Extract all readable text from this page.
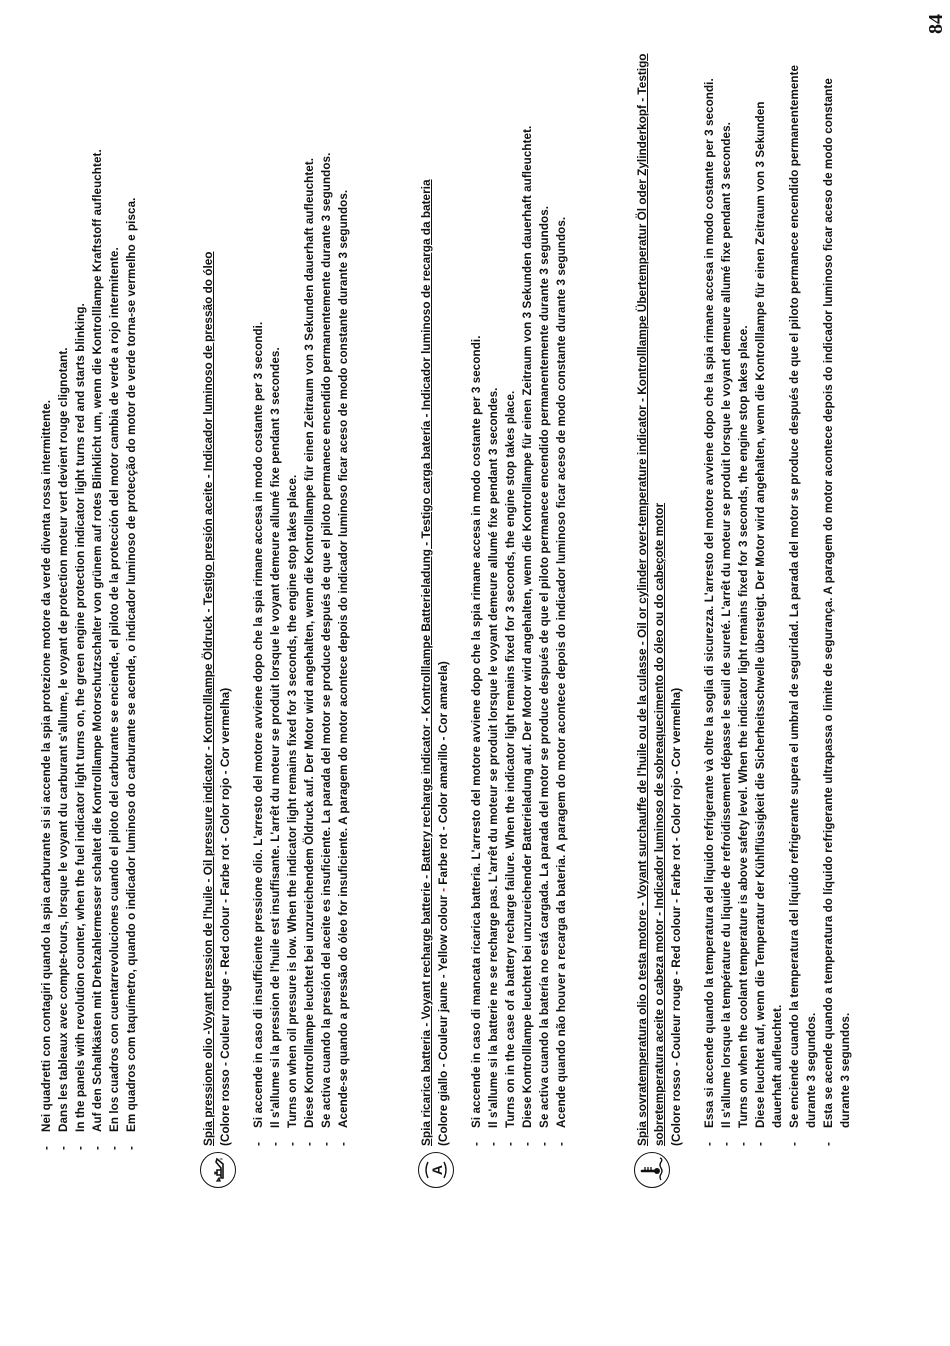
84
- Nei quadretti con contagiri quando la spia carburante si si accende la spia protezione motore da verde diventa rossa intermittente. - Dans les tableaux avec compte-tours, lorsque le voyant du carburant s'allume, le voyant de protection moteur vert devient rouge clignotant. - In the panels with revolution counter, when the fuel indicator light turns on, the green engine protection indicator light turns red and starts blinking. - Auf den Schaltkästen mit Drehzahlermesser schaltet die Kontrolllampe Motorschutzschalter von grünem auf rotes Blinklicht um, wenn die Kontrolllampe Kraftstoff aufleuchtet. - En los cuadros con cuentarrevoluciones cuando el piloto del carburante se enciende, el piloto de la protección del motor cambia de verde a rojo intermitente. - Em quadros com taquímetro, quando o indicador luminoso do carburante se acende, o indicador luminoso de protecção do motor de verde torna-se vermelho e pisca.	Spia pressione olio -Voyant pression de l'huile - Oil pressure indicator - Kontrolllampe Öldruck - Testigo presión aceite - Indicador luminoso de pressão do óleo (Colore rosso - Couleur rouge - Red colour - Farbe rot - Color rojo - Cor vermelha) - Si accende in caso di insufficiente pressione olio. L'arresto del motore avviene dopo che la spia rimane accesa in modo costante per 3 secondi. - Il s'allume si la pression de l'huile est insuffisante. L'arrêt du moteur se produit lorsque le voyant demeure allumé fixe pendant 3 secondes. - Turns on when oil pressure is low. When the indicator light remains fixed for 3 seconds, the engine stop takes place. - Diese Kontrolllampe leuchtet bei unzureichendem Öldruck auf. Der Motor wird angehalten, wenn die Kontrolllampe für einen Zeitraum von 3 Sekunden dauerhaft aufleuchtet. - Se activa cuando la presión del aceite es insuficiente. La parada del motor se produce después de que el piloto permanece encendido permanentemente durante 3 segundos. - Acende-se quando a pressão do óleo for insuficiente. A paragem do motor acontece depois do indicador luminoso ficar aceso de modo constante durante 3 segundos.
A
Spia ricarica batteria - Voyant recharge batterie - Battery recharge indicator - Kontrolllampe Batterieladung - Testigo carga batería - Indicador luminoso de recarga da bateria (Colore giallo - Couleur jaune - Yellow colour - Farbe rot - Color amarillo - Cor amarela) - Si accende in caso di mancata ricarica batteria. L'arresto del motore avviene dopo che la spia rimane accesa in modo costante per 3 secondi. - Il s'allume si la batterie ne se recharge pas. L'arrêt du moteur se produit lorsque le voyant demeure allumé fixe pendant 3 secondes. - Turns on in the case of a battery recharge failure. When the indicator light remains fixed for 3 seconds, the engine stop takes place. - Diese Kontrolllampe leuchtet bei unzureichender Batterieladung auf. Der Motor wird angehalten, wenn die Kontrolllampe für einen Zeitraum von 3 Sekunden dauerhaft aufleuchtet. - Se activa cuando la batería no está cargada. La parada del motor se produce después de que el piloto permanece encendido permanentemente durante 3 segundos. - Acende quando não houver a recarga da bateria. A paragem do motor acontece depois do indicador luminoso ficar aceso de modo constante durante 3 segundos.	Spia sovratemperatura olio o testa motore - Voyant surchauffe de l'huile ou de la culasse - Oil or cylinder over-temperature indicator - Kontrolllampe Übertemperatur Öl oder Zylinderkopf - Testigo sobretemperatura aceite o cabeza motor - Indicador luminoso de sobreaquecimento do óleo ou do cabeçote motor (Colore rosso - Couleur rouge - Red colour - Farbe rot - Color rojo - Cor vermelha) - Essa si accende quando la temperatura del liquido refrigerante và oltre la soglia di sicurezza. L'arresto del motore avviene dopo che la spia rimane accesa in modo costante per 3 secondi. - Il s'allume lorsque la température du liquide de refroidissement dépasse le seuil de sureté. L'arrêt du moteur se produit lorsque le voyant demeure allumé fixe pendant 3 secondes. - Turns on when the coolant temperature is above safety level. When the indicator light remains fixed for 3 seconds, the engine stop takes place. - Diese leuchtet auf, wenn die Temperatur der Kühlflüssigkeit die Sicherheitsschwelle übersteigt. Der Motor wird angehalten, wenn die Kontrolllampe für einen Zeitraum von 3 Sekunden dauerhaft aufleuchtet. - Se enciende cuando la temperatura del líquido refrigerante supera el umbral de seguridad. La parada del motor se produce después de que el piloto permanece encendido permanentemente durante 3 segundos. - Esta se acende quando a temperatura do líquido refrigerante ultrapassa o limite de segurança. A paragem do motor acontece depois do indicador luminoso ficar aceso de modo constante durante 3 segundos.
